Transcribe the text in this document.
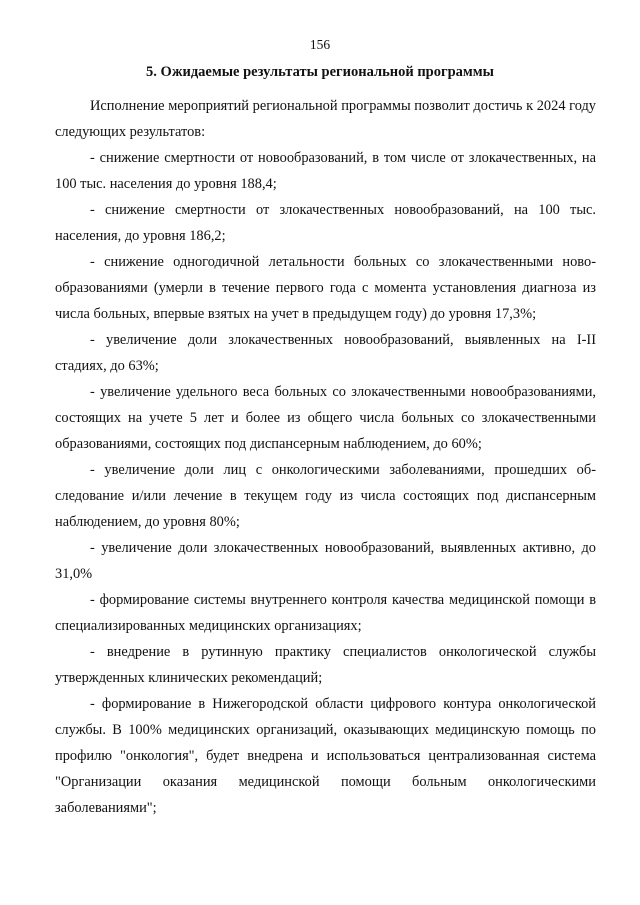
156
5. Ожидаемые результаты региональной программы

Исполнение мероприятий региональной программы позволит достичь к 2024 году следующих результатов:

- снижение смертности от новообразований, в том числе от злокачественных, на 100 тыс. населения до уровня 188,4;

- снижение смертности от злокачественных новообразований, на 100 тыс. населения, до уровня 186,2;

- снижение одногодичной летальности больных со злокачественными новообразованиями (умерли в течение первого года с момента установления диагноза из числа больных, впервые взятых на учет в предыдущем году) до уровня 17,3%;

- увеличение доли злокачественных новообразований, выявленных на I-II стадиях, до 63%;

- увеличение удельного веса больных со злокачественными новообразованиями, состоящих на учете 5 лет и более из общего числа больных со злокачественными образованиями, состоящих под диспансерным наблюдением, до 60%;

- увеличение доли лиц с онкологическими заболеваниями, прошедших обследование и/или лечение в текущем году из числа состоящих под диспансерным наблюдением, до уровня 80%;

- увеличение доли злокачественных новообразований, выявленных активно, до 31,0%

- формирование системы внутреннего контроля качества медицинской помощи в специализированных медицинских организациях;

- внедрение в рутинную практику специалистов онкологической службы утвержденных клинических рекомендаций;

- формирование в Нижегородской области цифрового контура онкологической службы. В 100% медицинских организаций, оказывающих медицинскую помощь по профилю "онкология", будет внедрена и использоваться централизованная система "Организации оказания медицинской помощи больным онкологическими заболеваниями";
